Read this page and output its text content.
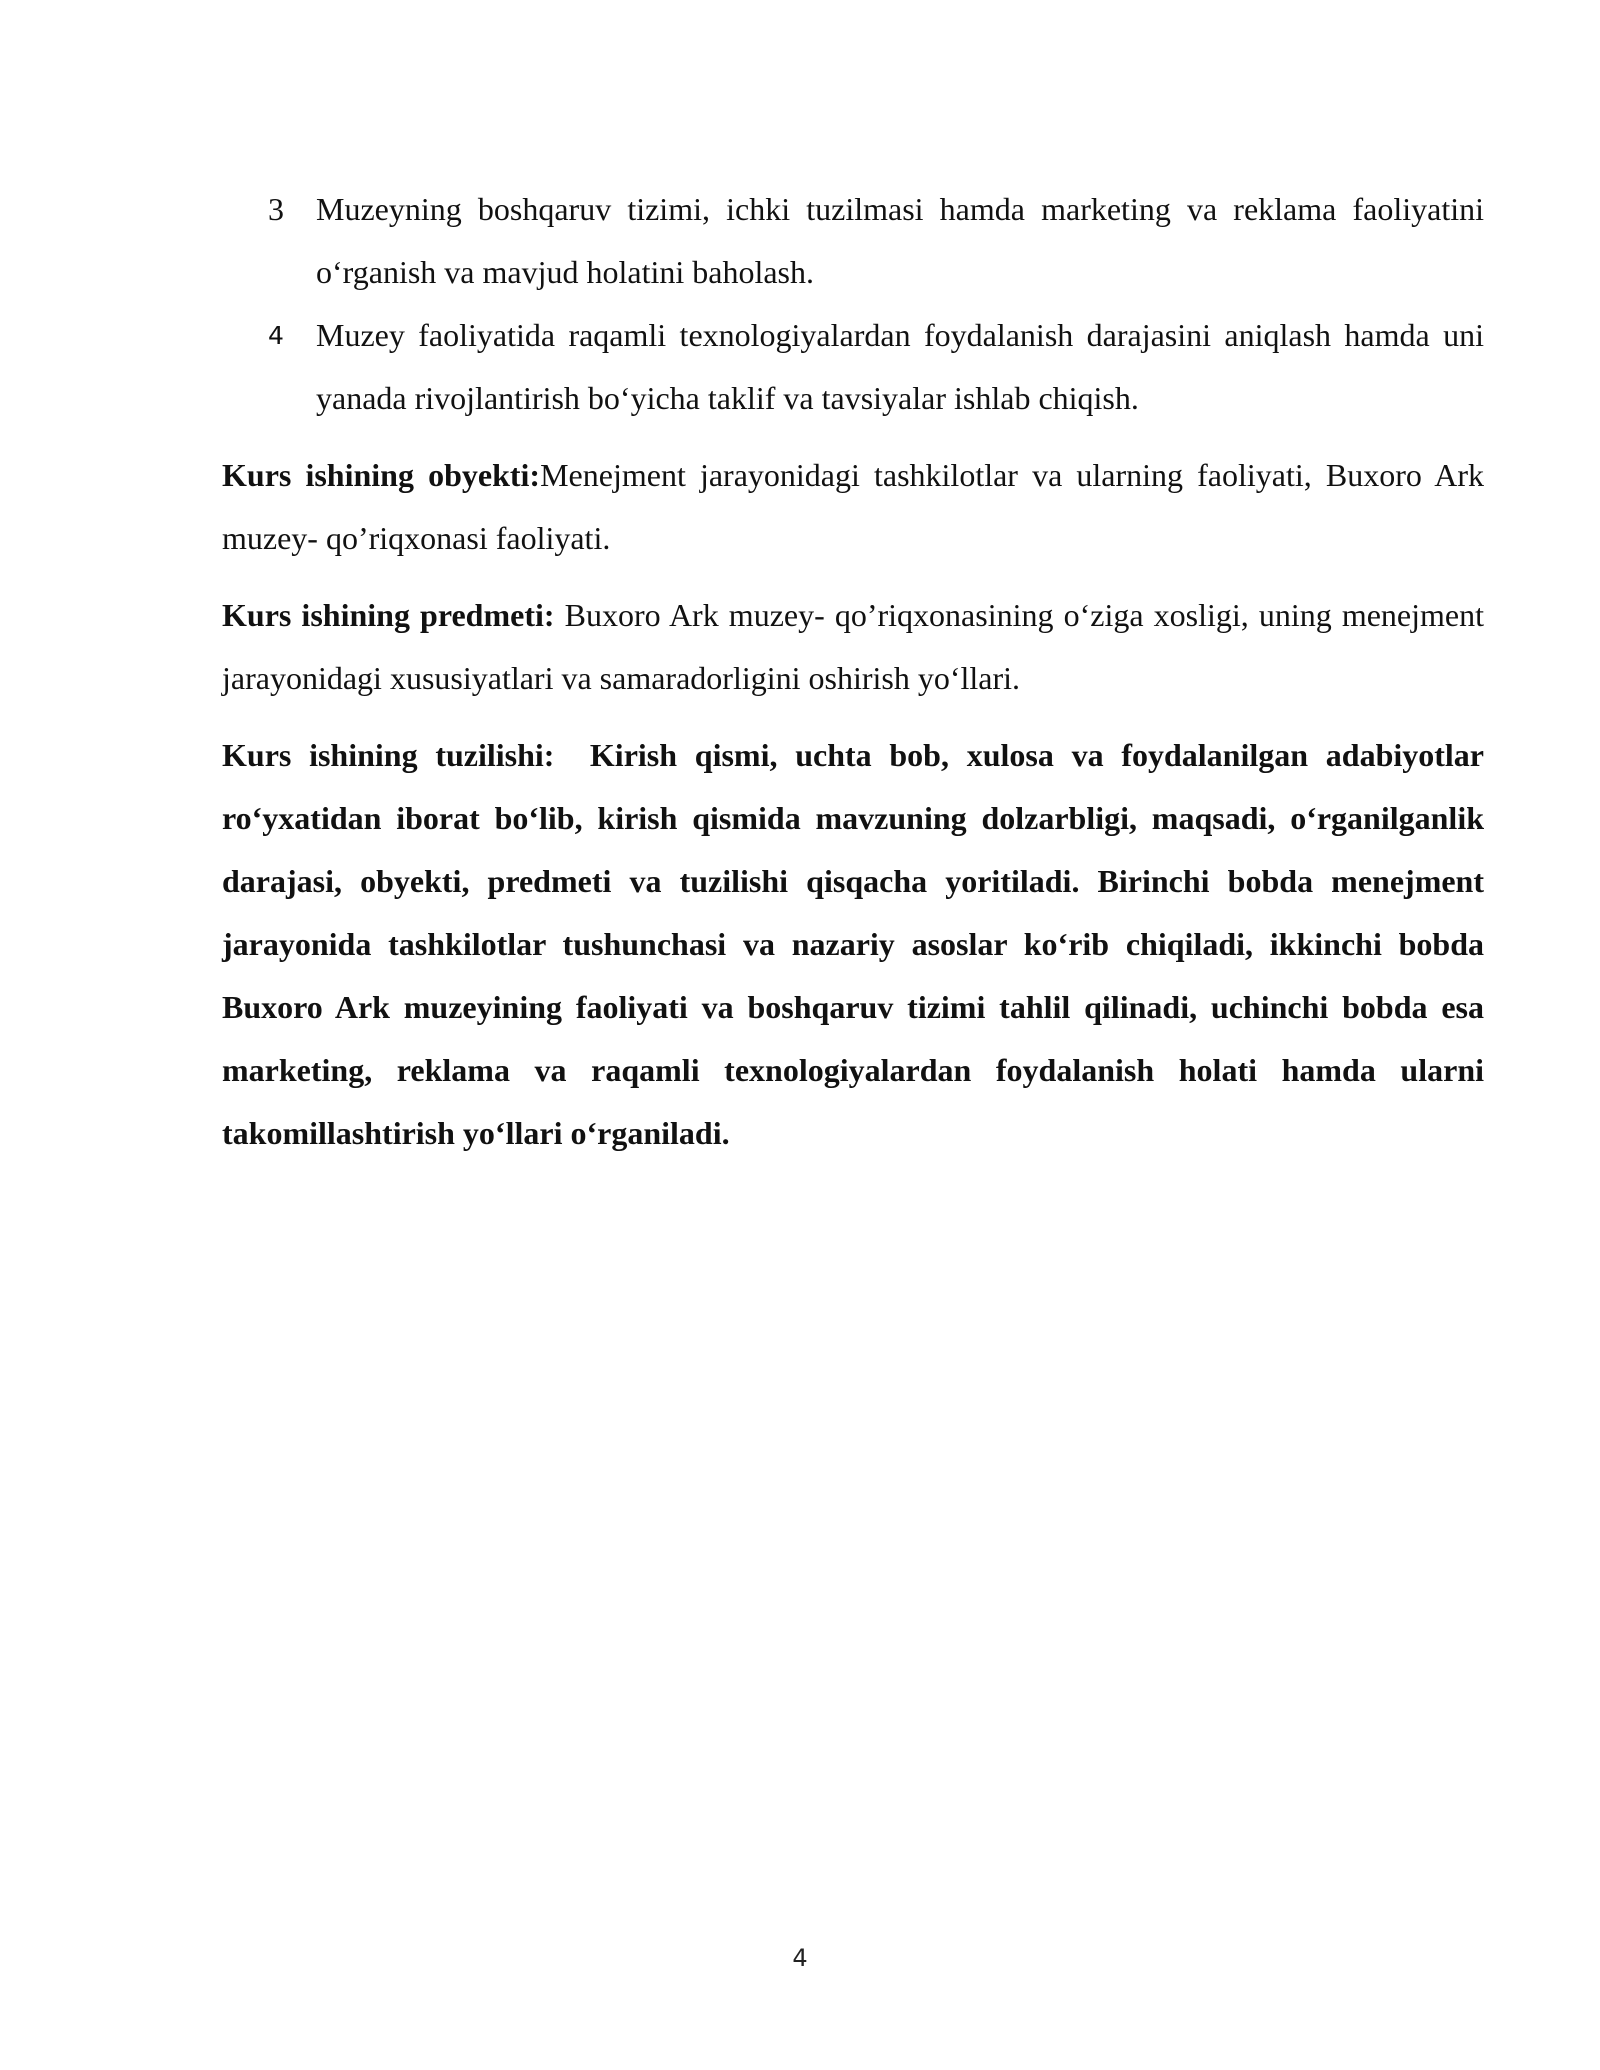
3 Muzeyning boshqaruv tizimi, ichki tuzilmasi hamda marketing va reklama faoliyatini o‘rganish va mavjud holatini baholash.

4 Muzey faoliyatida raqamli texnologiyalardan foydalanish darajasini aniqlash hamda uni yanada rivojlantirish bo‘yicha taklif va tavsiyalar ishlab chiqish.

Kurs ishining obyekti:Menejment jarayonidagi tashkilotlar va ularning faoliyati, Buxoro Ark muzey- qo’riqxonasi faoliyati.

Kurs ishining predmeti: Buxoro Ark muzey- qo’riqxonasining o‘ziga xosligi, uning menejment jarayonidagi xususiyatlari va samaradorligini oshirish yo‘llari.

Kurs ishining tuzilishi:  Kirish qismi, uchta bob, xulosa va foydalanilgan adabiyotlar ro‘yxatidan iborat bo‘lib, kirish qismida mavzuning dolzarbligi, maqsadi, o‘rganilganlik darajasi, obyekti, predmeti va tuzilishi qisqacha yoritiladi. Birinchi bobda menejment jarayonida tashkilotlar tushunchasi va nazariy asoslar ko‘rib chiqiladi, ikkinchi bobda Buxoro Ark muzeyining faoliyati va boshqaruv tizimi tahlil qilinadi, uchinchi bobda esa marketing, reklama va raqamli texnologiyalardan foydalanish holati hamda ularni takomillashtirish yo‘llari o‘rganiladi.

4
